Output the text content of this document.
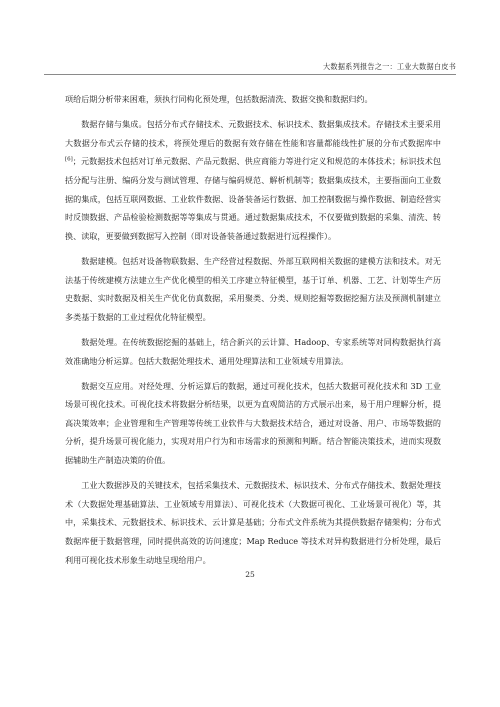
大数据系列报告之一：工业大数据白皮书

项给后期分析带来困难，须执行同构化预处理，包括数据清洗、数据交换和数据归约。

数据存储与集成。包括分布式存储技术、元数据技术、标识技术、数据集成技术。存储技术主要采用大数据分布式云存储的技术，将预处理后的数据有效存储在性能和容量都能线性扩展的分布式数据库中[6]；元数据技术包括对订单元数据、产品元数据、供应商能力等进行定义和规范的本体技术；标识技术包括分配与注册、编码分发与测试管理、存储与编码规范、解析机制等；数据集成技术，主要指面向工业数据的集成，包括互联网数据、工业软件数据、设备装备运行数据、加工控制数据与操作数据、制造经营实时反馈数据、产品检验检测数据等等集成与贯通。通过数据集成技术，不仅要做到数据的采集、清洗、转换、读取，更要做到数据写入控制（即对设备装备通过数据进行远程操作）。

数据建模。包括对设备物联数据、生产经营过程数据、外部互联网相关数据的建模方法和技术。对无法基于传统建模方法建立生产优化模型的相关工序建立特征模型，基于订单、机器、工艺、计划等生产历史数据、实时数据及相关生产优化仿真数据，采用聚类、分类、规则挖掘等数据挖掘方法及预测机制建立多类基于数据的工业过程优化特征模型。

数据处理。在传统数据挖掘的基础上，结合新兴的云计算、Hadoop、专家系统等对同构数据执行高效准确地分析运算。包括大数据处理技术、通用处理算法和工业领域专用算法。

数据交互应用。对经处理、分析运算后的数据，通过可视化技术，包括大数据可视化技术和 3D 工业场景可视化技术。可视化技术将数据分析结果，以更为直观简洁的方式展示出来，易于用户理解分析，提高决策效率；企业管理和生产管理等传统工业软件与大数据技术结合，通过对设备、用户、市场等数据的分析，提升场景可视化能力，实现对用户行为和市场需求的预测和判断。结合智能决策技术，进而实现数据辅助生产制造决策的价值。

工业大数据涉及的关键技术，包括采集技术、元数据技术、标识技术、分布式存储技术、数据处理技术（大数据处理基础算法、工业领域专用算法）、可视化技术（大数据可视化、工业场景可视化）等，其中，采集技术、元数据技术、标识技术、云计算是基础；分布式文件系统为其提供数据存储架构；分布式数据库便于数据管理，同时提供高效的访问速度；Map Reduce 等技术对异构数据进行分析处理，最后利用可视化技术形象生动地呈现给用户。

25
